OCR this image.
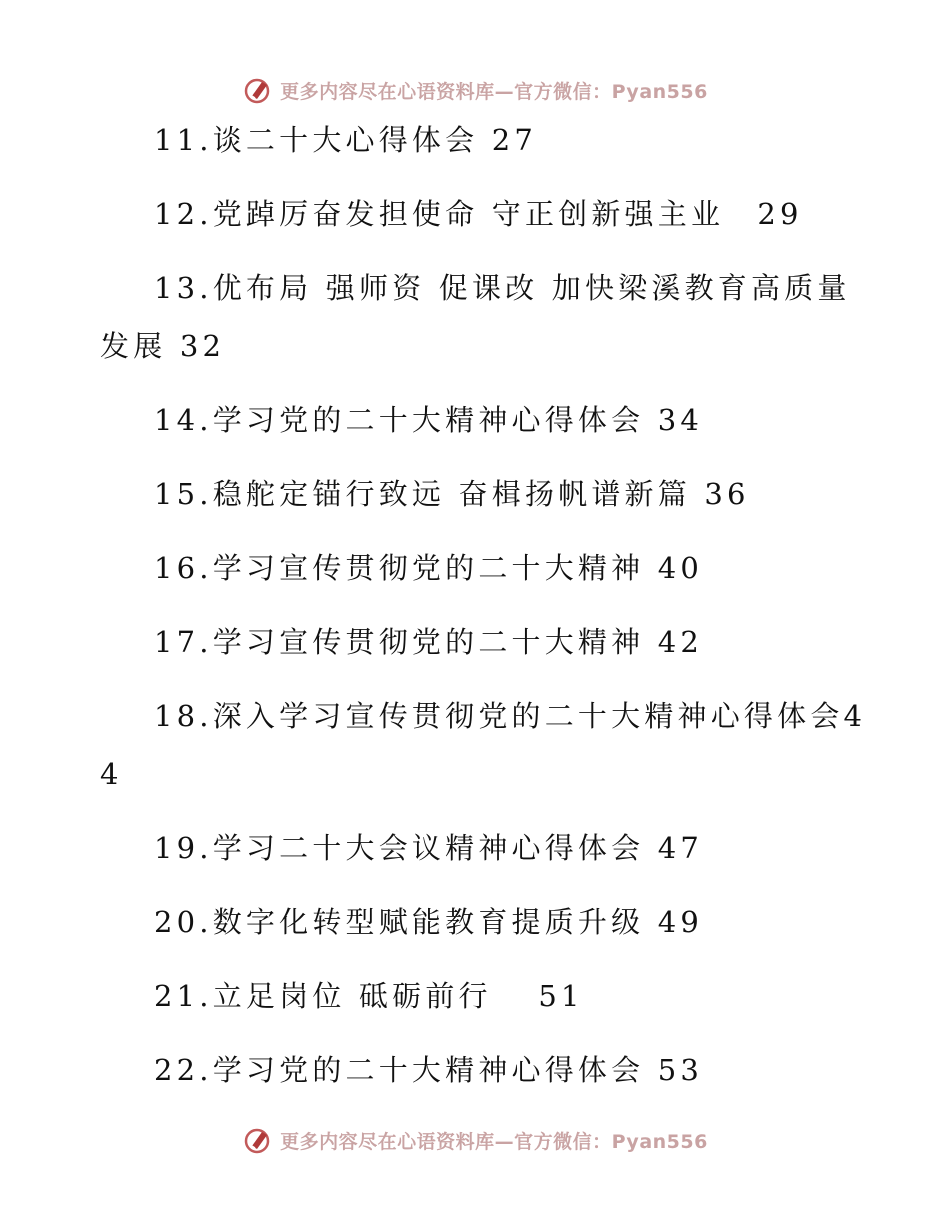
更多内容尽在心语资料库—官方微信：Pyan556
11.谈二十大心得体会 27
12.党踔厉奋发担使命 守正创新强主业　29
13.优布局 强师资 促课改 加快梁溪教育高质量发展 32
14.学习党的二十大精神心得体会 34
15.稳舵定锚行致远 奋楫扬帆谱新篇 36
16.学习宣传贯彻党的二十大精神 40
17.学习宣传贯彻党的二十大精神 42
18.深入学习宣传贯彻党的二十大精神心得体会44
19.学习二十大会议精神心得体会 47
20.数字化转型赋能教育提质升级 49
21.立足岗位 砥砺前行　 51
22.学习党的二十大精神心得体会 53
更多内容尽在心语资料库—官方微信：Pyan556
